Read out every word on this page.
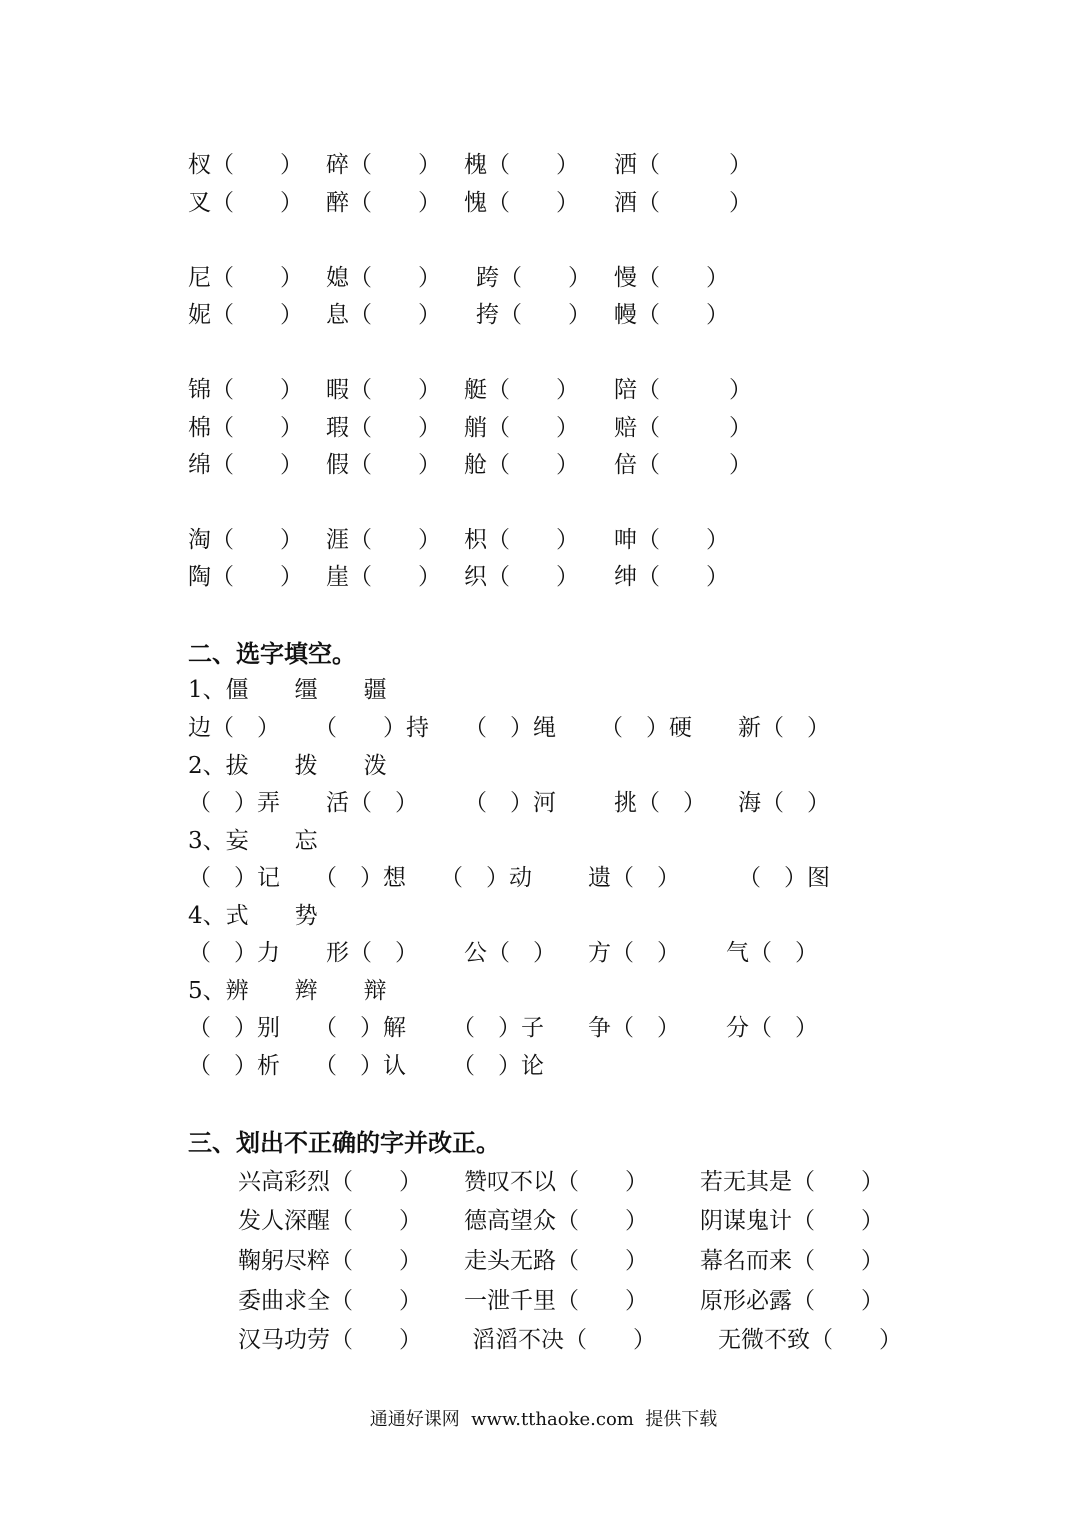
杈（　　） 碎（　　） 槐（　　） 洒（　　　）
叉（　　） 醉（　　） 愧（　　） 酒（　　　）
尼（　　） 媳（　　） 跨（　　） 慢（　　）
妮（　　） 息（　　） 挎（　　） 幔（　　）
锦（　　） 暇（　　） 艇（　　） 陪（　　　）
棉（　　） 瑕（　　） 艄（　　） 赔（　　　）
绵（　　） 假（　　） 舱（　　） 倍（　　　）
淘（　　） 涯（　　） 枳（　　） 呻（　　）
陶（　　） 崖（　　） 织（　　） 绅（　　）
二、选字填空。
1、僵　　缰　　疆
边（　） （　　）持 （　）绳 （　）硬 新（　）
2、拔　　拨　　泼
（　）弄 活（　） （　）河	挑（　） 海（　）
3、妄　　忘
（　）记 （　）想 （　）动 遗（　）	（　）图
4、式　　势
（　）力 形（　） 公（　） 方（　） 气（　）
5、辨　　辫　　辩
（　）别 （　）解 （　）子 争（　） 分（　）
（　）析 （　）认 （　）论
三、划出不正确的字并改正。
兴高彩烈（　　） 赞叹不以（　　） 若无其是（　　）
发人深醒（　　） 德高望众（　　） 阴谋鬼计（　　）
鞠躬尽粹（　　） 走头无路（　　） 幕名而来（　　）
委曲求全（　　） 一泄千里（　　） 原形必露（　　）
汉马功劳（　　） 滔滔不决（　　）	无微不致（　　）
通通好课网  www.tthaoke.com  提供下载
